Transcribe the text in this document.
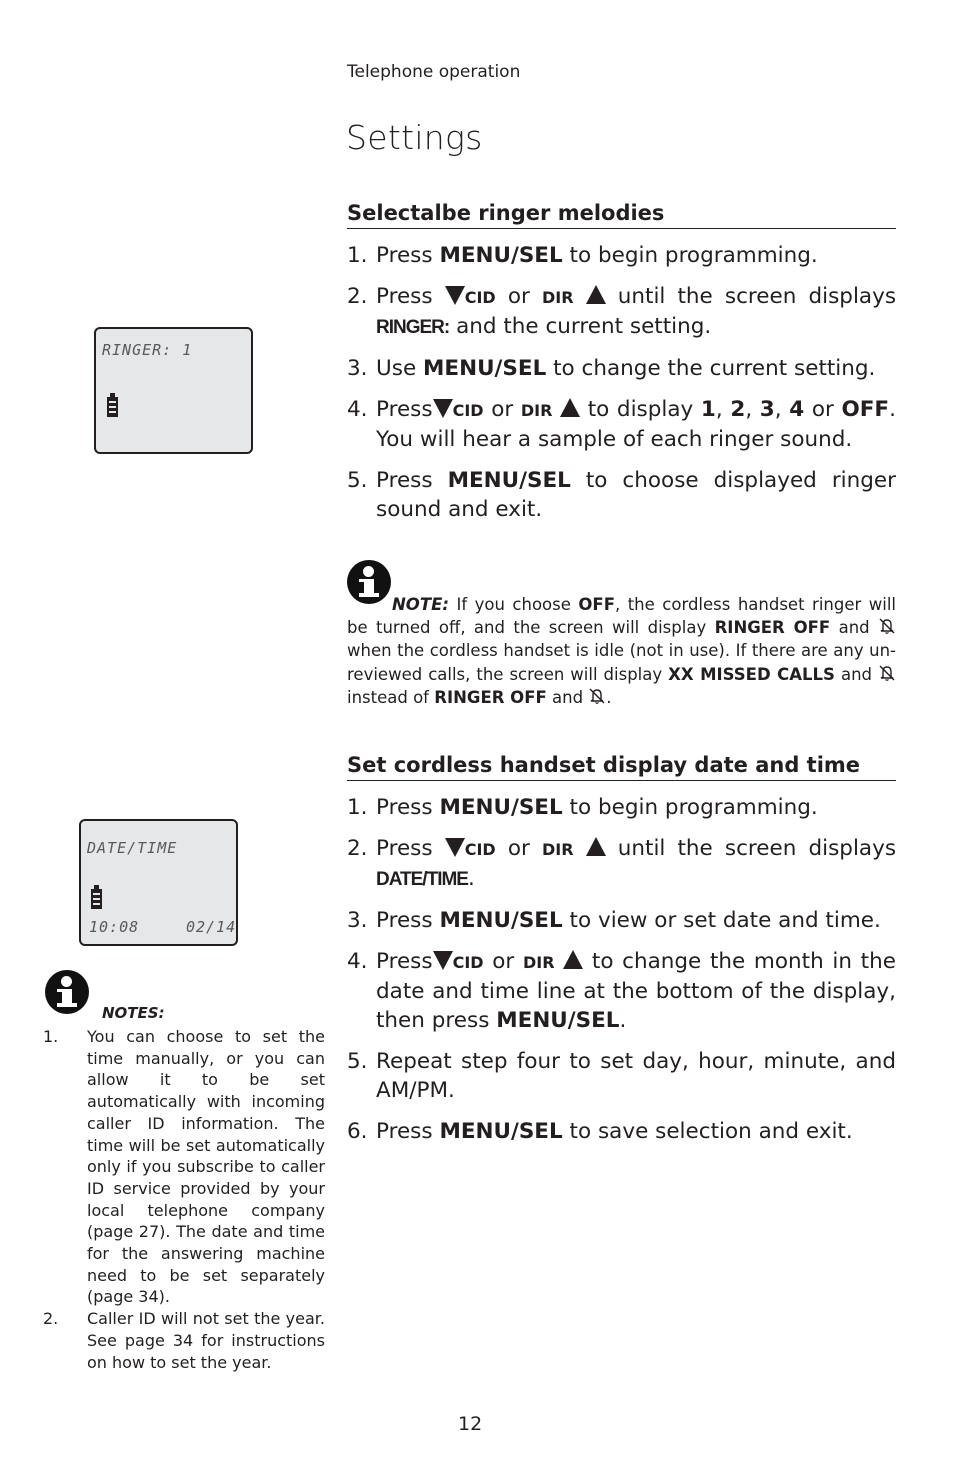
Telephone operation
Settings
Selectalbe ringer melodies
1. Press MENU/SEL to begin programming.
2. Press CID or DIR until the screen displays RINGER: and the current setting.
3. Use MENU/SEL to change the current setting.
4. Press CID or DIR to display 1, 2, 3, 4 or OFF. You will hear a sample of each ringer sound.
5. Press MENU/SEL to choose displayed ringer sound and exit.
RINGER: 1
NOTE: If you choose OFF, the cordless handset ringer will be turned off, and the screen will display RINGER OFF and  when the cordless handset is idle (not in use). If there are any un-reviewed calls, the screen will display XX MISSED CALLS and  instead of RINGER OFF and .
Set cordless handset display date and time
1. Press MENU/SEL to begin programming.
2. Press CID or DIR until the screen displays DATE/TIME.
3. Press MENU/SEL to view or set date and time.
4. Press CID or DIR to change the month in the date and time line at the bottom of the display, then press MENU/SEL.
5. Repeat step four to set day, hour, minute, and AM/PM.
6. Press MENU/SEL to save selection and exit.
DATE/TIME
10:08	02/14
NOTES:
1. You can choose to set the time manually, or you can allow it to be set automatically with incoming caller ID information. The time will be set automatically only if you subscribe to caller ID service provided by your local telephone company (page 27). The date and time for the answering machine need to be set separately (page 34).
2. Caller ID will not set the year. See page 34 for instructions on how to set the year.
12
